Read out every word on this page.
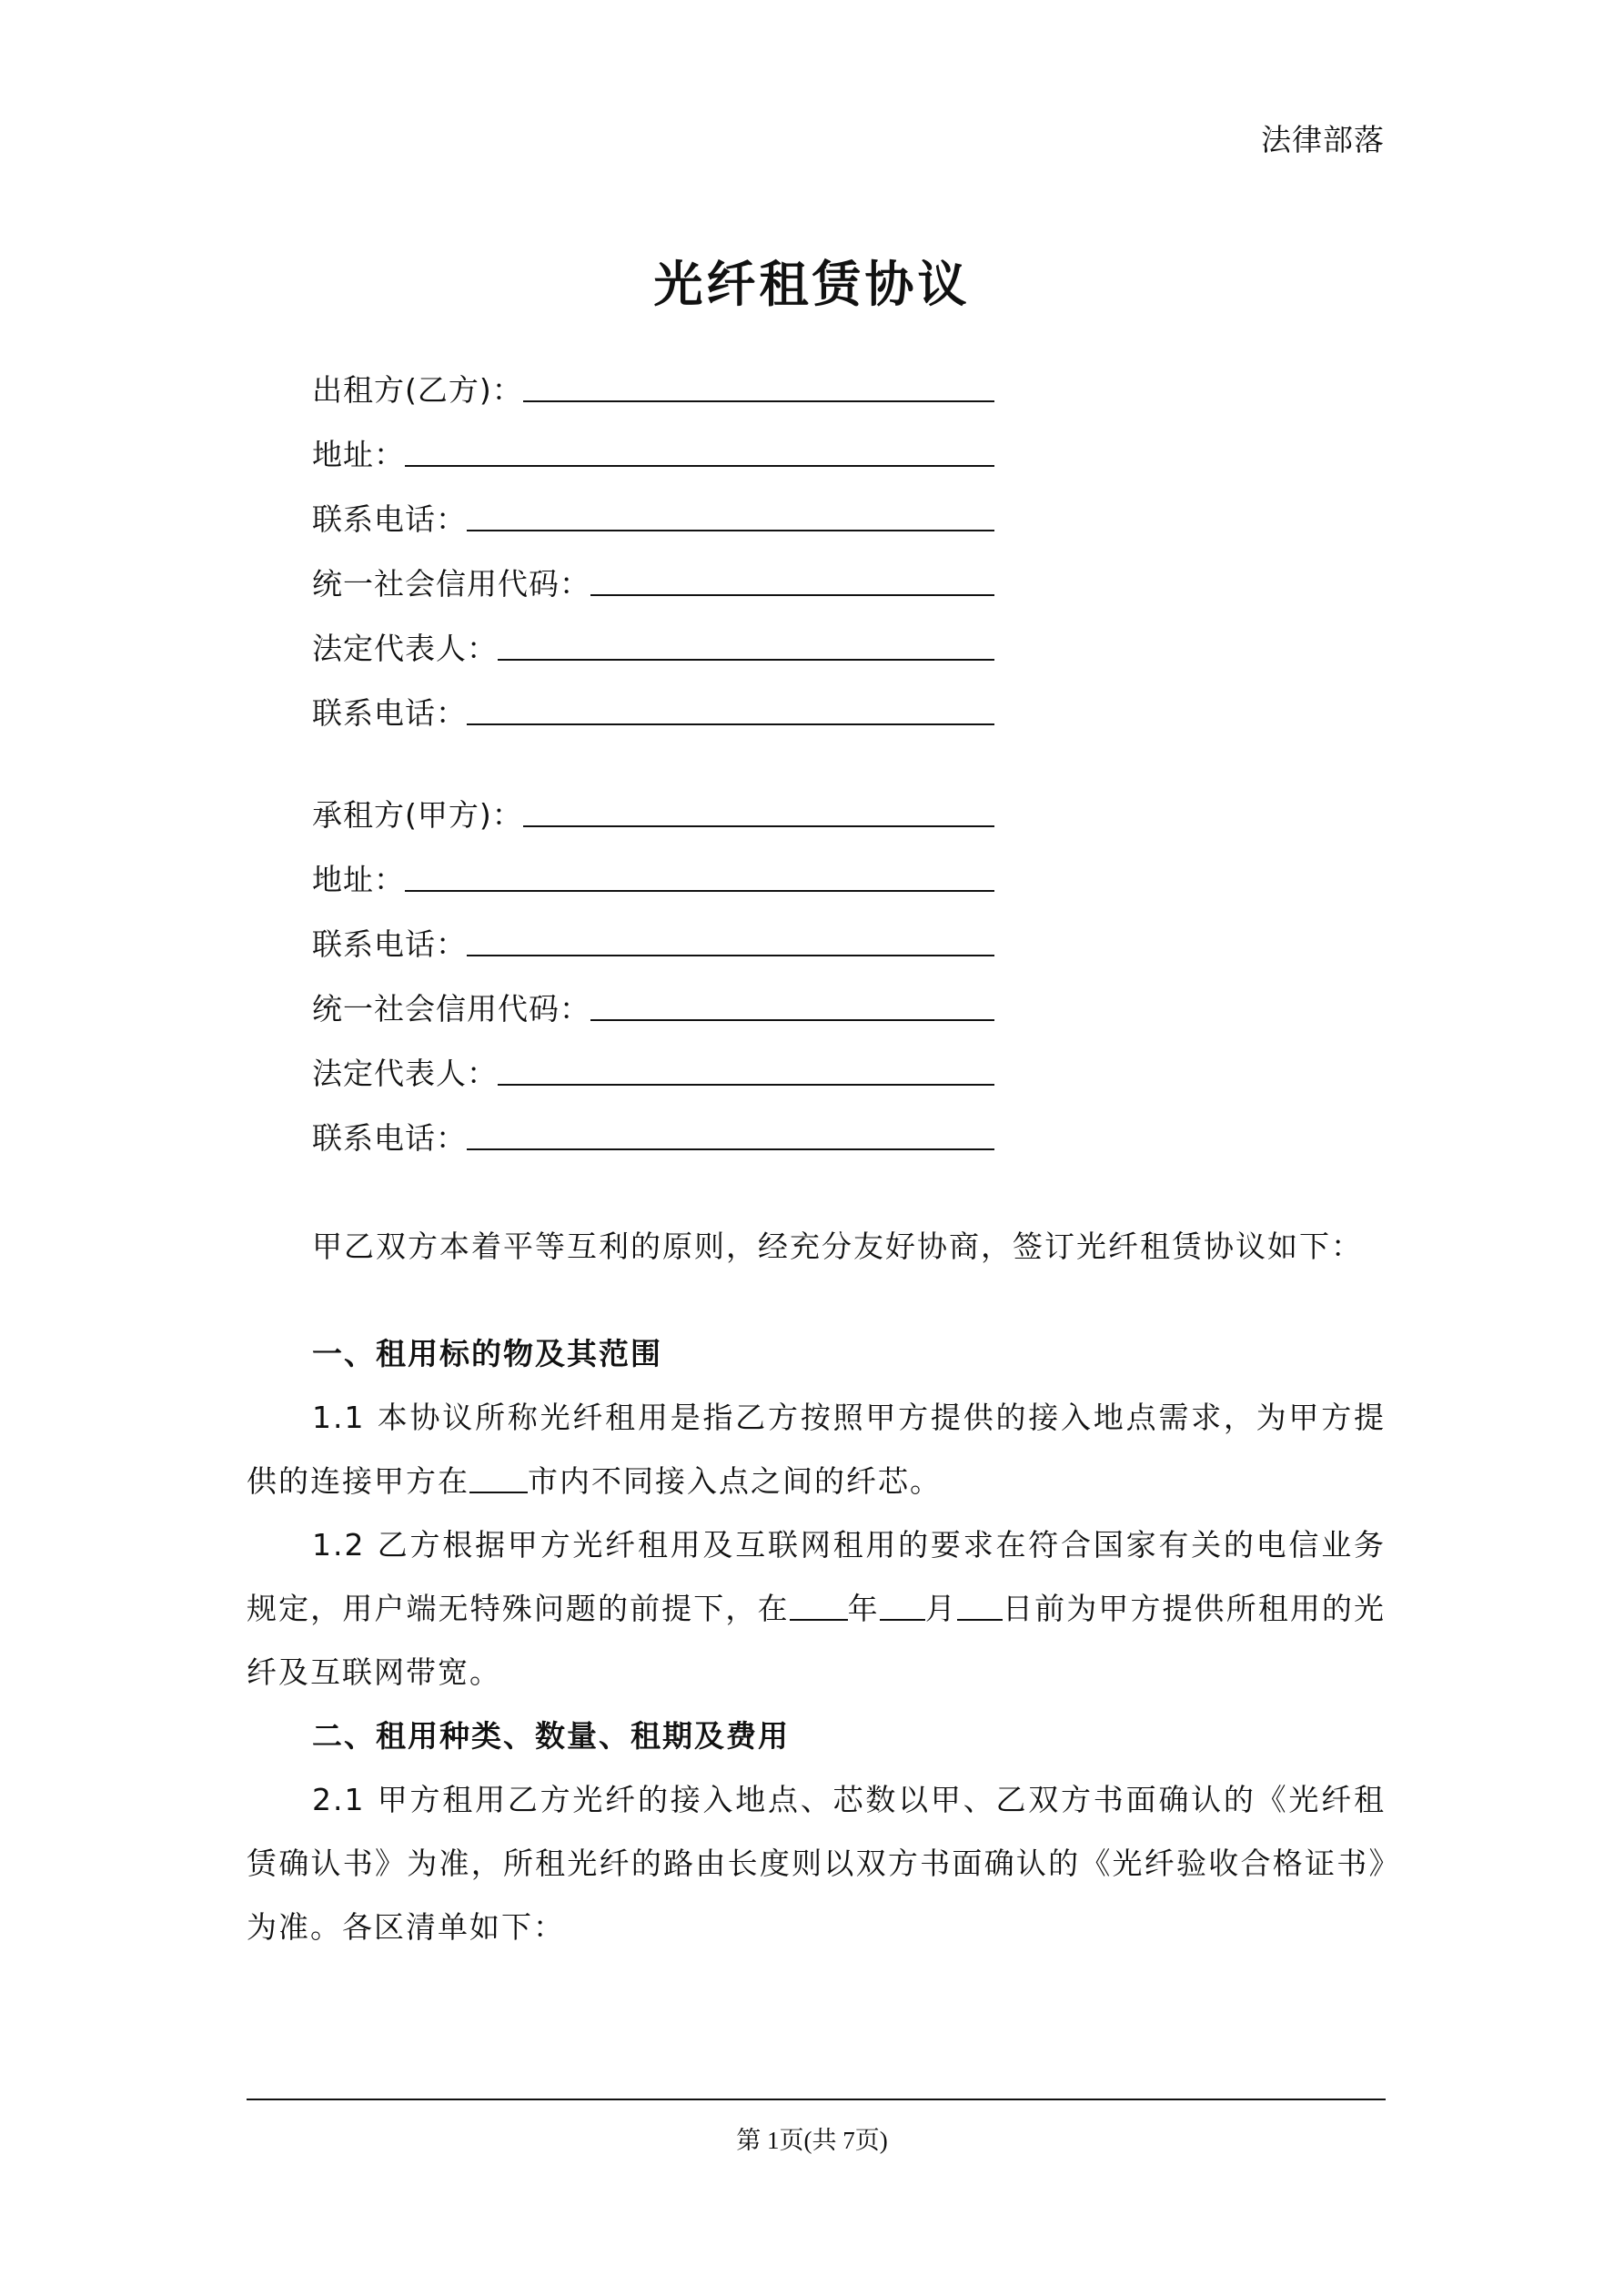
法律部落
光纤租赁协议
出租方(乙方)：
地址：
联系电话：
统一社会信用代码：
法定代表人：
联系电话：
承租方(甲方)：
地址：
联系电话：
统一社会信用代码：
法定代表人：
联系电话：

甲乙双方本着平等互利的原则，经充分友好协商，签订光纤租赁协议如下：

一、租用标的物及其范围

1.1 本协议所称光纤租用是指乙方按照甲方提供的接入地点需求，为甲方提供的连接甲方在 市内不同接入点之间的纤芯。

1.2 乙方根据甲方光纤租用及互联网租用的要求在符合国家有关的电信业务规定，用户端无特殊问题的前提下，在 年 月 日前为甲方提供所租用的光纤及互联网带宽。

二、租用种类、数量、租期及费用

2.1 甲方租用乙方光纤的接入地点、芯数以甲、乙双方书面确认的《光纤租赁确认书》为准，所租光纤的路由长度则以双方书面确认的《光纤验收合格证书》为准。各区清单如下：

第 1页(共 7页)
